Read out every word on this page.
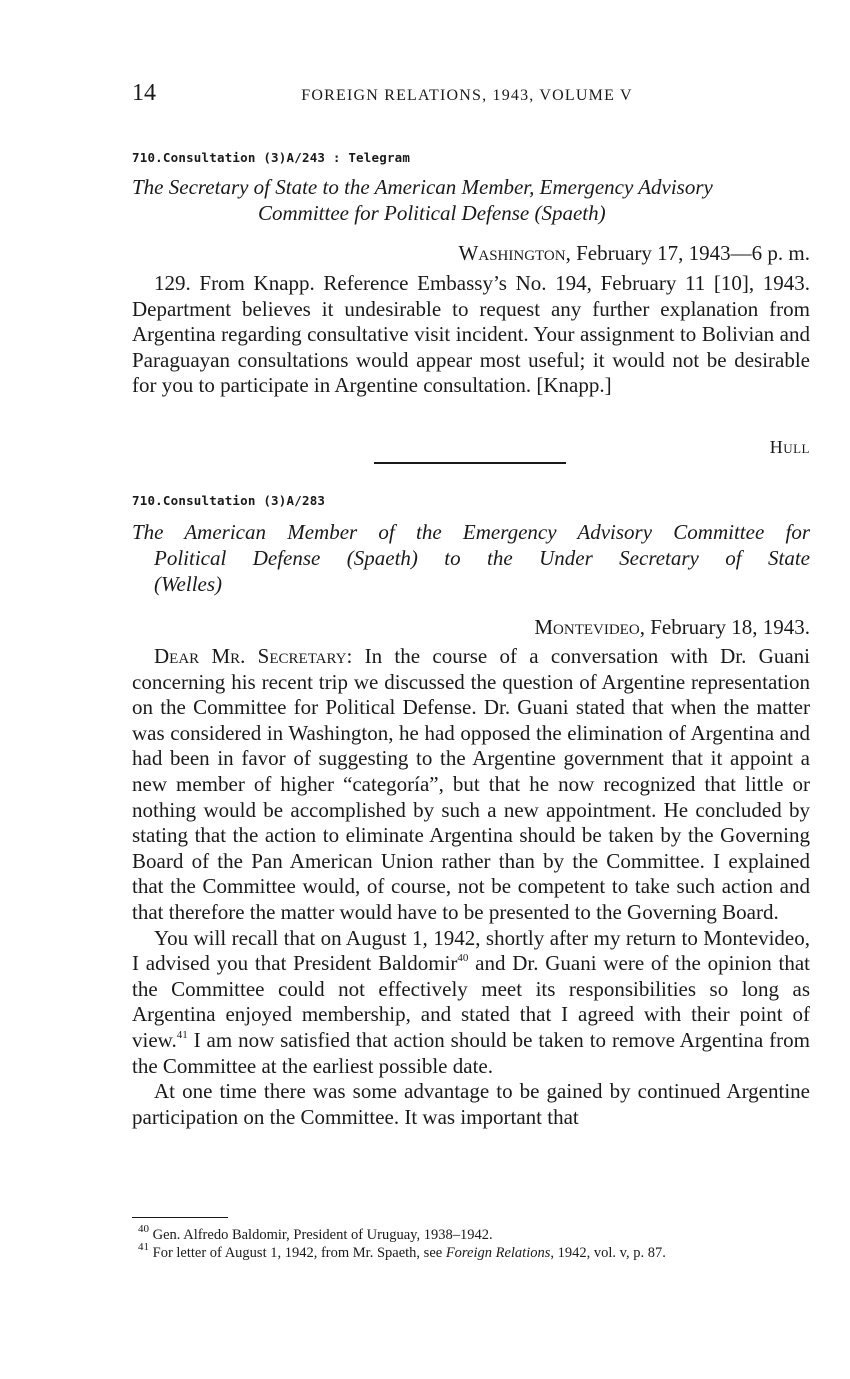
14	FOREIGN RELATIONS, 1943, VOLUME V
710.Consultation (3)A/243 : Telegram
The Secretary of State to the American Member, Emergency Advisory
Committee for Political Defense (Spaeth)
Washington, February 17, 1943—6 p. m.

129. From Knapp. Reference Embassy’s No. 194, February 11 [10], 1943. Department believes it undesirable to request any further explanation from Argentina regarding consultative visit incident. Your assignment to Bolivian and Paraguayan consultations would appear most useful; it would not be desirable for you to participate in Argentine consultation. [Knapp.]

Hull
710.Consultation (3)A/283
The American Member of the Emergency Advisory Committee for
Political Defense (Spaeth) to the Under Secretary of State
(Welles)
Montevideo, February 18, 1943.

Dear Mr. Secretary: In the course of a conversation with Dr. Guani concerning his recent trip we discussed the question of Argentine representation on the Committee for Political Defense. Dr. Guani stated that when the matter was considered in Washington, he had opposed the elimination of Argentina and had been in favor of suggesting to the Argentine government that it appoint a new member of higher “categoría”, but that he now recognized that little or nothing would be accomplished by such a new appointment. He concluded by stating that the action to eliminate Argentina should be taken by the Governing Board of the Pan American Union rather than by the Committee. I explained that the Committee would, of course, not be competent to take such action and that therefore the matter would have to be presented to the Governing Board.

You will recall that on August 1, 1942, shortly after my return to Montevideo, I advised you that President Baldomir$^{40}$ and Dr. Guani were of the opinion that the Committee could not effectively meet its responsibilities so long as Argentina enjoyed membership, and stated that I agreed with their point of view.$^{41}$ I am now satisfied that action should be taken to remove Argentina from the Committee at the earliest possible date.

At one time there was some advantage to be gained by continued Argentine participation on the Committee. It was important that

$^{40}$ Gen. Alfredo Baldomir, President of Uruguay, 1938–1942.

$^{41}$ For letter of August 1, 1942, from Mr. Spaeth, see Foreign Relations, 1942, vol. v, p. 87.
